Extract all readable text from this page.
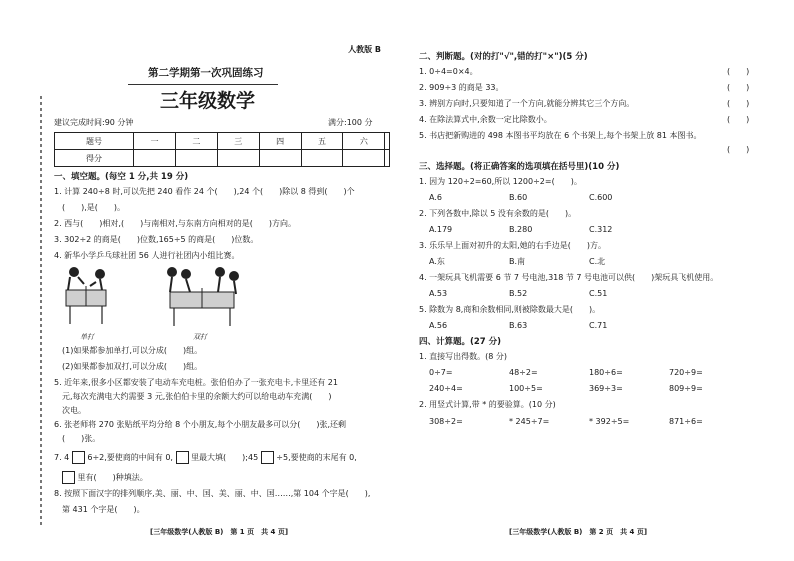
人教版 B
第二学期第一次巩固练习
三年级数学
建议完成时间:90 分钟	满分:100 分
题号	一	二	三	四	五	六	
得分							
一、填空题。(每空 1 分,共 19 分)
1. 计算 240÷8 时,可以先把 240 看作 24 个(　　),24 个(　　)除以 8 得到(　　)个
(　　),是(　　)。
2. 西与(　　)相对,(　　)与南相对,与东南方向相对的是(　　)方向。
3. 302÷2 的商是(　　)位数,165÷5 的商是(　　)位数。
4. 新华小学乒乓球社团 56 人进行社团内小组比赛。
单打	双打
(1)如果都参加单打,可以分成(　　)组。
(2)如果都参加双打,可以分成(　　)组。
5. 近年来,很多小区都安装了电动车充电桩。张伯伯办了一张充电卡,卡里还有 21
元,每次充满电大约需要 3 元,张伯伯卡里的余额大约可以给电动车充满(　　)
次电。
6. 张老师将 270 张贴纸平均分给 8 个小朋友,每个小朋友最多可以分(　　)张,还剩
(　　)张。
7. 4 6÷2,要使商的中间有 0, 里最大填(　　);45 ÷5,要使商的末尾有 0,
里有(　　)种填法。
8. 按照下面汉字的排列顺序,美、丽、中、国、美、丽、中、国……,第 104 个字是(　　),
第 431 个字是(　　)。
[三年级数学(人教版 B)　第 1 页　共 4 页]
二、判断题。(对的打"√",错的打"×")(5 分)
1. 0÷4=0×4。	(　　)
2. 909÷3 的商是 33。	(　　)
3. 辨别方向时,只要知道了一个方向,就能分辨其它三个方向。	(　　)
4. 在除法算式中,余数一定比除数小。	(　　)
5. 书店把新购进的 498 本图书平均放在 6 个书架上,每个书架上放 81 本图书。
(　　)
三、选择题。(将正确答案的选项填在括号里)(10 分)
1. 因为 120÷2=60,所以 1200÷2=(　　)。
A.6	B.60	C.600
2. 下列各数中,除以 5 没有余数的是(　　)。
A.179	B.280	C.312
3. 乐乐早上面对初升的太阳,她的右手边是(　　)方。
A.东	B.南	C.北
4. 一架玩具飞机需要 6 节 7 号电池,318 节 7 号电池可以供(　　)架玩具飞机使用。
A.53	B.52	C.51
5. 除数为 8,商和余数相同,则被除数最大是(　　)。
A.56	B.63	C.71
四、计算题。(27 分)
1. 直接写出得数。(8 分)
0÷7=	48÷2=	180÷6=	720÷9=
240÷4=	100÷5=	369÷3=	809÷9=
2. 用竖式计算,带 * 的要验算。(10 分)
308÷2=	* 245÷7=	* 392÷5=	871÷6=
[三年级数学(人教版 B)　第 2 页　共 4 页]
